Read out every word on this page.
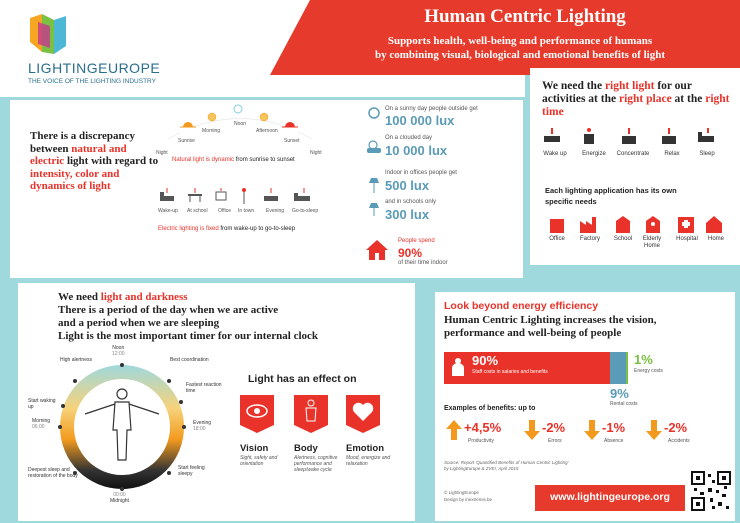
Human Centric Lighting
Supports health, well-being and performance of humans
by combining visual, biological and emotional benefits of light
LIGHTINGEUROPE
THE VOICE OF THE LIGHTING INDUSTRY
There is a discrepancy between natural and electric light with regard to intensity, color and dynamics of light
Night
Sunrise
Morning
Noon
Afternoon
Sunset
Night
Natural light is dynamic from sunrise to sunset
Wake-up At school Office In town Evening Go-to-sleep
Electric lighting is fixed from wake-up to go-to-sleep
On a sunny day people outside get
100 000 lux
On a clouded day
10 000 lux
Indoor in offices people get
500 lux
and in schools only
300 lux
People spend
90%
of their time indoor
We need the right light for our activities at the right place at the right time
Wake up	Energize	Concentrate	Relax	Sleep
Each lighting application has its own specific needs
Office	Factory	School	Elderly Home
Hospital	Home
We need light and darkness
There is a period of the day when we are active
and a period when we are sleeping
Light is the most important timer for our internal clock
Noon
12:00
High alertness	Best coordination
Fastest reaction time
Start waking up
Morning
06:00
Evening
18:00
Deepest sleep and restoration of the body
Start feeling sleepy
00:00
Midnight
Light has an effect on
Vision
Sight, safety and orientation
Body
Alertness, cognitive performance and sleep/wake cycle
Emotion
Mood, energize and relaxation
Look beyond energy efficiency
Human Centric Lighting increases the vision,
performance and well-being of people
90%
Staff costs in salaries and benefits
1%
Energy costs
9%
Rental costs
Examples of benefits: up to
+4,5%
Productivity
-2%
Errors
-1%
Absence
-2%
Accidents
Source: Report 'Quantified Benefits of Human Centric Lighting'
by LightingEurope & ZVEI, April 2015
© LightingEurope
Design by inextremis.be	www.lightingeurope.org
